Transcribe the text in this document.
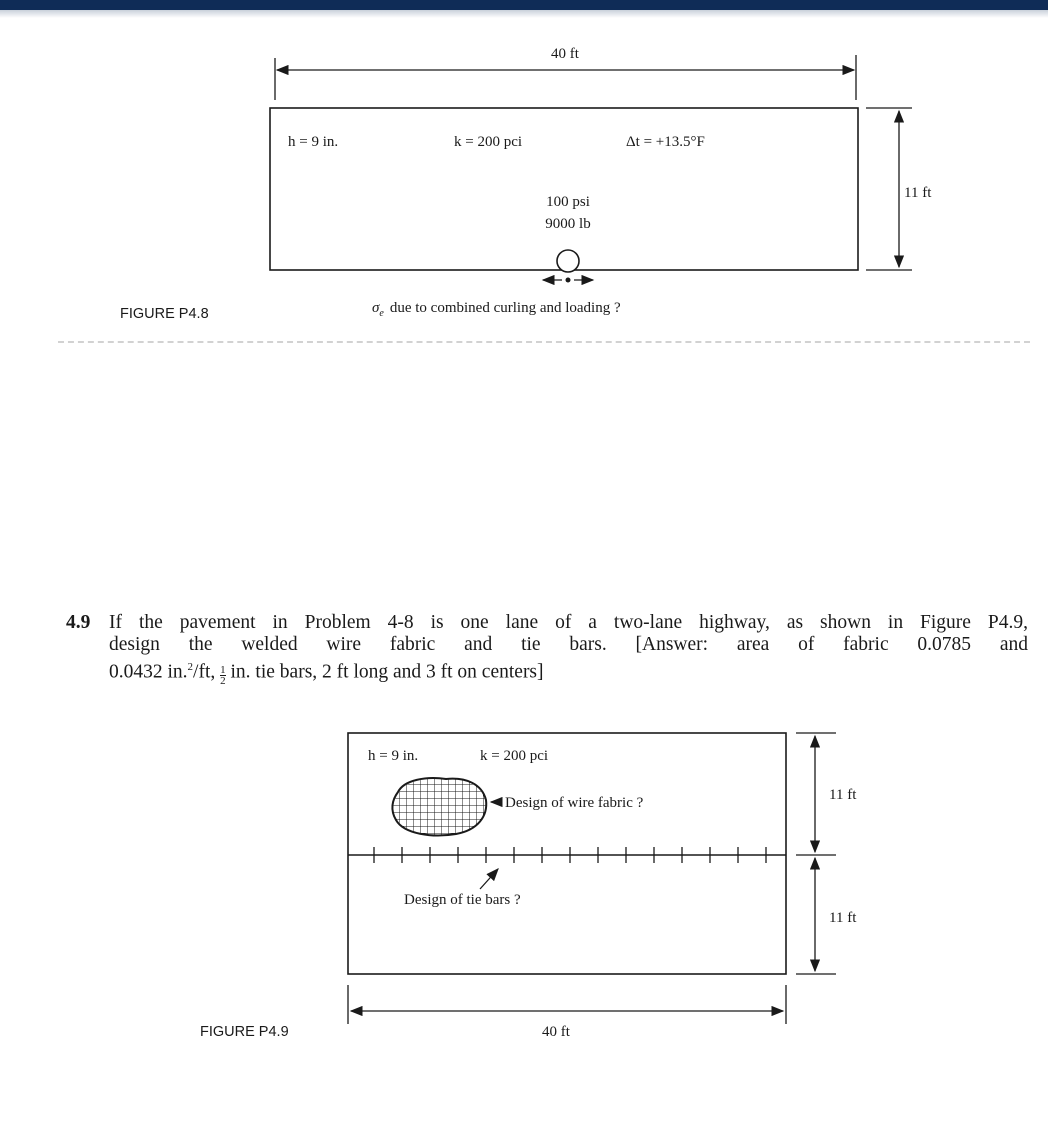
40 ft
11 ft
h = 9 in.	k = 200 pci	Δt = +13.5°F
100 psi
9000 lb
$\sigma_e$ due to combined curling and loading ?
FIGURE P4.8
4.9 If the pavement in Problem 4-8 is one lane of a two-lane highway, as shown in Figure P4.9,
design the welded wire fabric and tie bars. [Answer: area of fabric 0.0785 and
0.0432 in.$^2$/ft, $\frac{1}{2}$ in. tie bars, 2 ft long and 3 ft on centers]
h = 9 in.	k = 200 pci
Design of wire fabric ?
Design of tie bars ?
11 ft
11 ft
40 ft
FIGURE P4.9
